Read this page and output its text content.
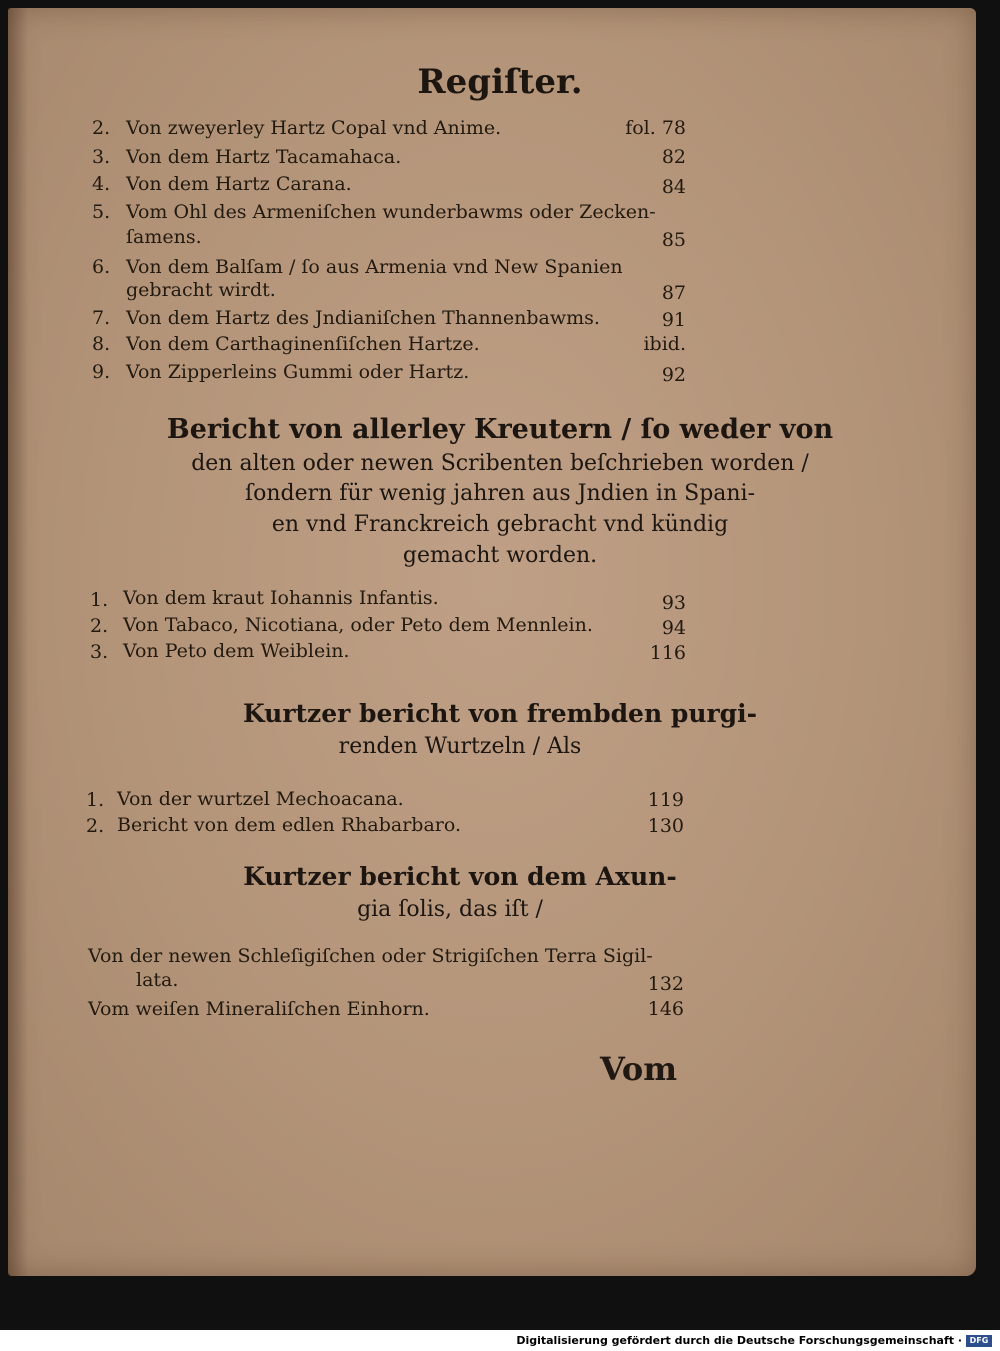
Regiſter.
2. Von zweyerley Hartz Copal vnd Anime.	fol. 78
3. Von dem Hartz Tacamahaca.	82
4. Von dem Hartz Carana.	84
5. Vom Ohl des Armeniſchen wunderbawms oder Zecken-
ſamens.	85
6. Von dem Balſam / ſo aus Armenia vnd New Spanien
gebracht wirdt.	87
7. Von dem Hartz des Jndianiſchen Thannenbawms.	91
8. Von dem Carthaginenſiſchen Hartze.	ibid.
9. Von Zipperleins Gummi oder Hartz.	92
Bericht von allerley Kreutern / ſo weder von
den alten oder newen Scribenten beſchrieben worden /
ſondern für wenig jahren aus Jndien in Spani-
en vnd Franckreich gebracht vnd kündig
gemacht worden.
1. Von dem kraut Iohannis Infantis.	93
2. Von Tabaco, Nicotiana, oder Peto dem Mennlein.	94
3. Von Peto dem Weiblein.	116
Kurtzer bericht von frembden purgi-
renden Wurtzeln / Als
1. Von der wurtzel Mechoacana.	119
2. Bericht von dem edlen Rhabarbaro.	130
Kurtzer bericht von dem Axun-
gia ſolis, das iſt /
Von der newen Schleſigiſchen oder Strigiſchen Terra Sigil-
lata.	132
Vom weiſen Mineraliſchen Einhorn.	146
Vom
Digitalisierung gefördert durch die Deutsche Forschungsgemeinschaft · DFG
